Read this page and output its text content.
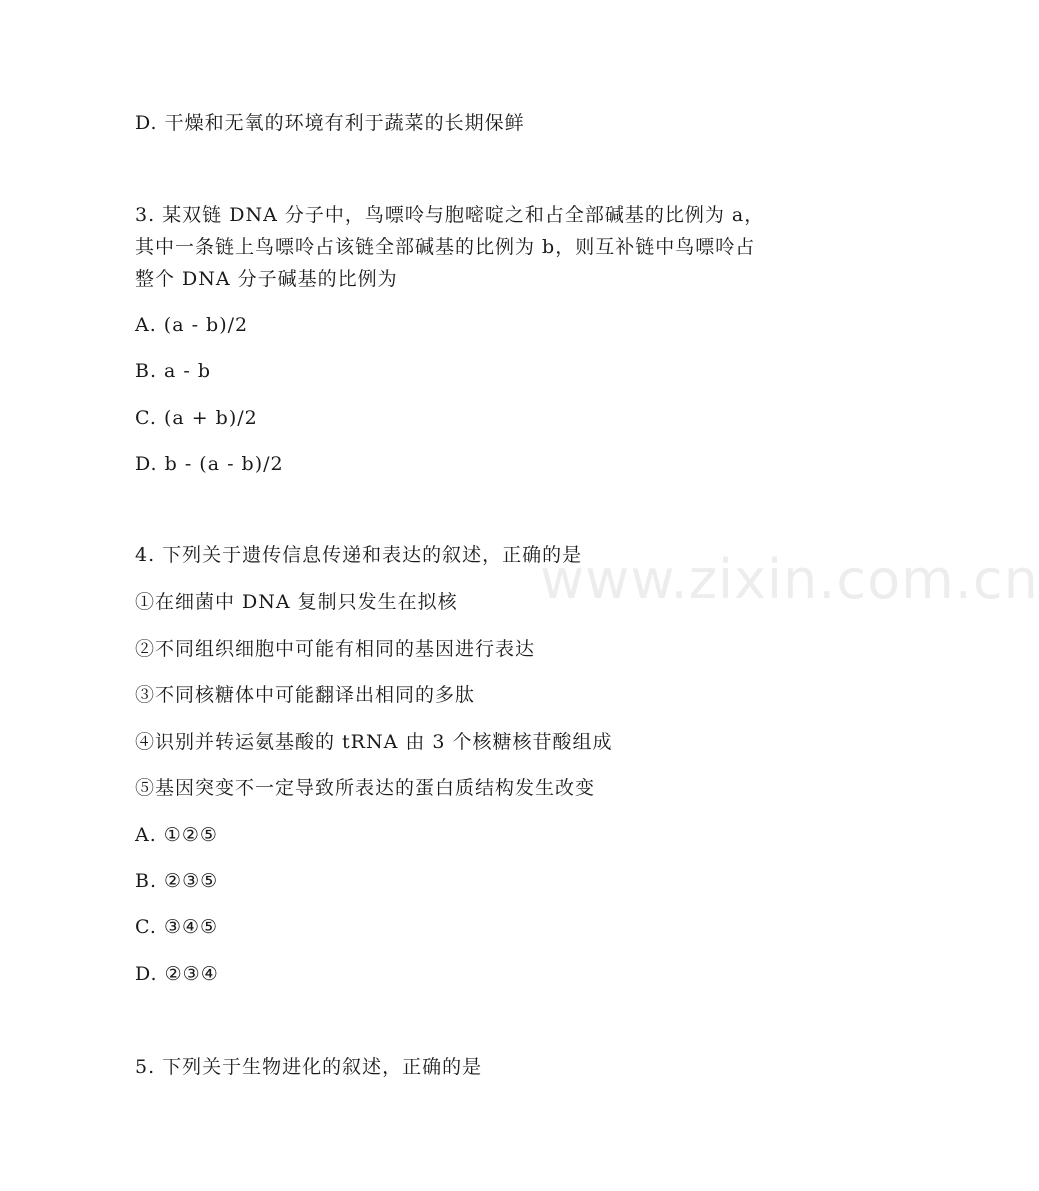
www.zixin.com.cn
D. 干燥和无氧的环境有利于蔬菜的长期保鲜
3. 某双链 DNA 分子中，鸟嘌呤与胞嘧啶之和占全部碱基的比例为 a，
其中一条链上鸟嘌呤占该链全部碱基的比例为 b，则互补链中鸟嘌呤占
整个 DNA 分子碱基的比例为
A. (a - b)/2
B. a - b
C. (a + b)/2
D. b - (a - b)/2
4. 下列关于遗传信息传递和表达的叙述，正确的是
①在细菌中 DNA 复制只发生在拟核
②不同组织细胞中可能有相同的基因进行表达
③不同核糖体中可能翻译出相同的多肽
④识别并转运氨基酸的 tRNA 由 3 个核糖核苷酸组成
⑤基因突变不一定导致所表达的蛋白质结构发生改变
A. ①②⑤
B. ②③⑤
C. ③④⑤
D. ②③④
5. 下列关于生物进化的叙述，正确的是
